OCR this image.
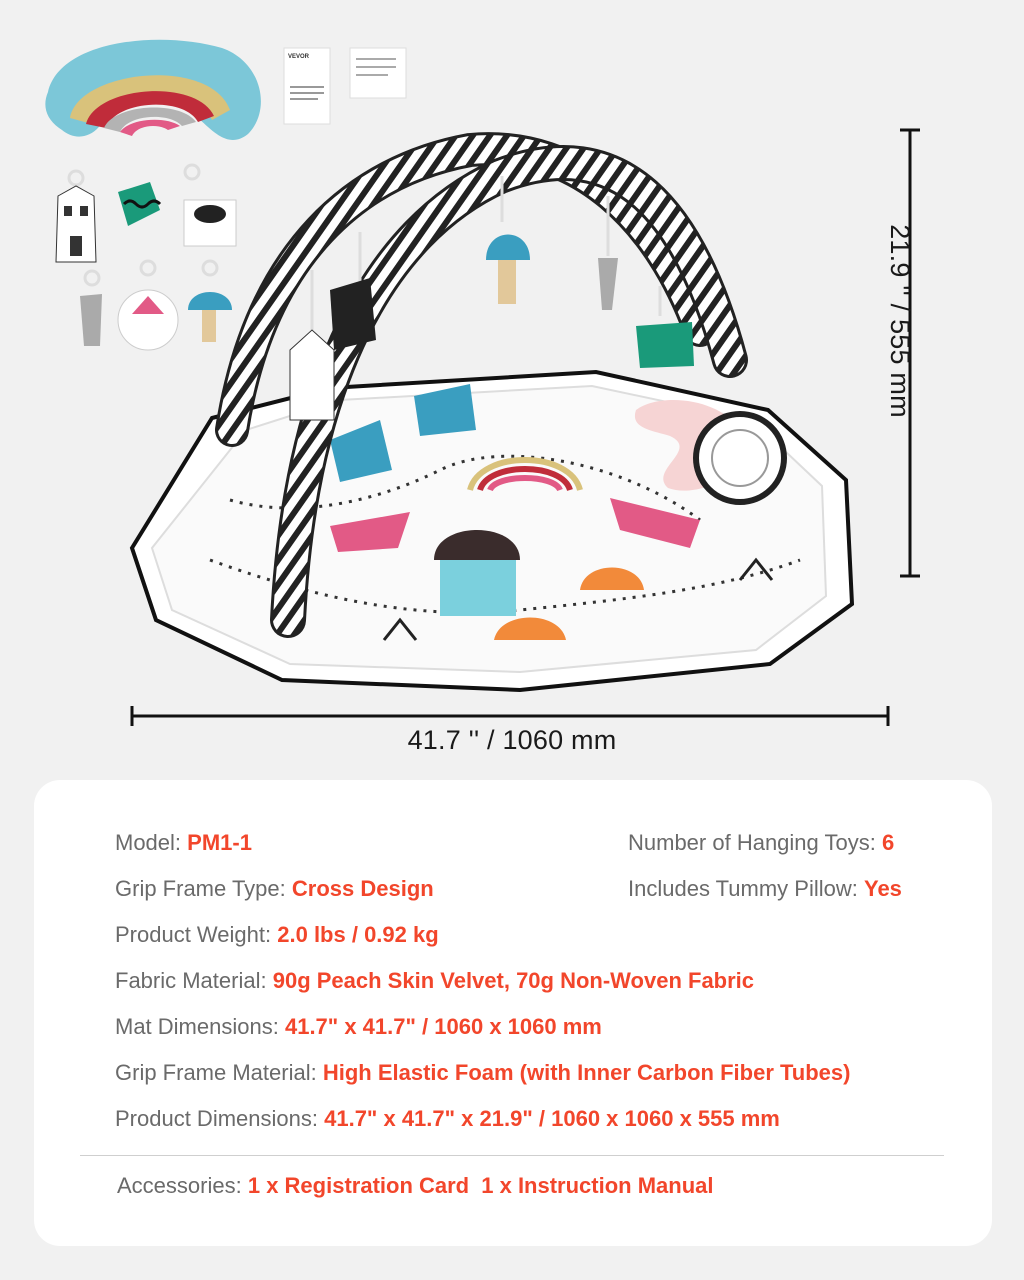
VEVOR
41.7 '' / 1060 mm
21.9 '' / 555 mm
Model: PM1-1	Number of Hanging Toys: 6
Grip Frame Type: Cross Design	Includes Tummy Pillow: Yes
Product Weight: 2.0 lbs / 0.92 kg
Fabric Material: 90g Peach Skin Velvet, 70g Non-Woven Fabric
Mat Dimensions: 41.7" x 41.7" / 1060 x 1060 mm
Grip Frame Material: High Elastic Foam (with Inner Carbon Fiber Tubes)
Product Dimensions: 41.7" x 41.7" x 21.9" / 1060 x 1060 x 555 mm
Accessories: 1 x Registration Card 1 x Instruction Manual
